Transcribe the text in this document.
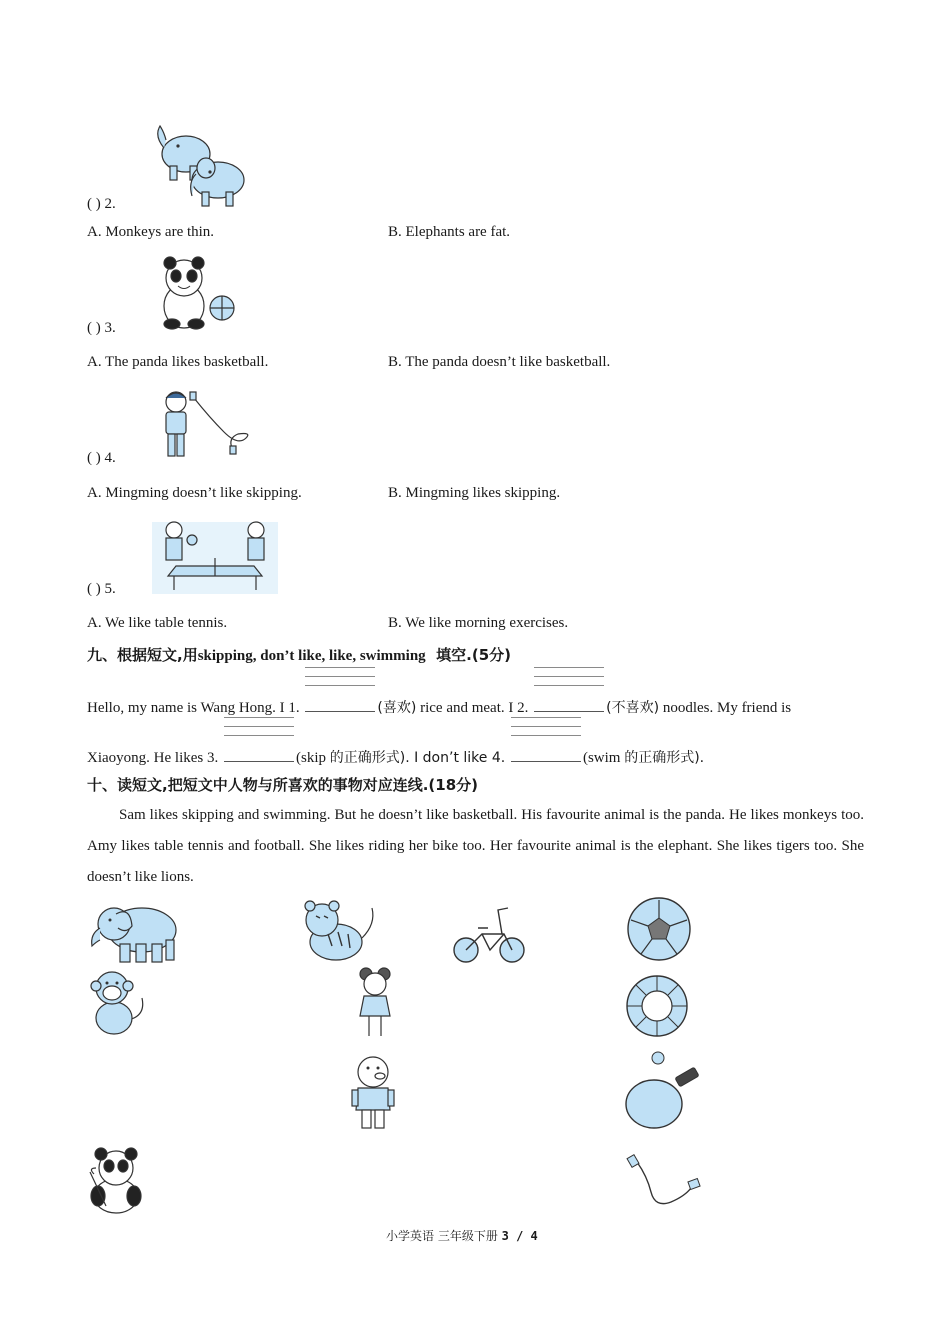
( ) 2.
A. Monkeys are thin.	B. Elephants are fat.
( ) 3.
A. The panda likes basketball.	B. The panda doesn’t like basketball.
( ) 4.
A. Mingming doesn’t like skipping.	B. Mingming likes skipping.
( ) 5.
A. We like table tennis.	B. We like morning exercises.
九、根据短文,用skipping, don’t like, like, swimming 填空.(5分)
Hello, my name is Wang Hong. I 1.	(喜欢) rice and meat. I 2.	(不喜欢) noodles. My friend is
Xiaoyong. He likes 3.	(skip 的正确形式). I don’t like 4.	(swim 的正确形式).
十、读短文,把短文中人物与所喜欢的事物对应连线.(18分)
Sam likes skipping and swimming. But he doesn’t like basketball. His favourite animal is the panda. He likes monkeys too. Amy likes table tennis and football. She likes riding her bike too. Her favourite animal is the elephant. She likes tigers too. She doesn’t like lions.
小学英语 三年级下册 3 / 4
